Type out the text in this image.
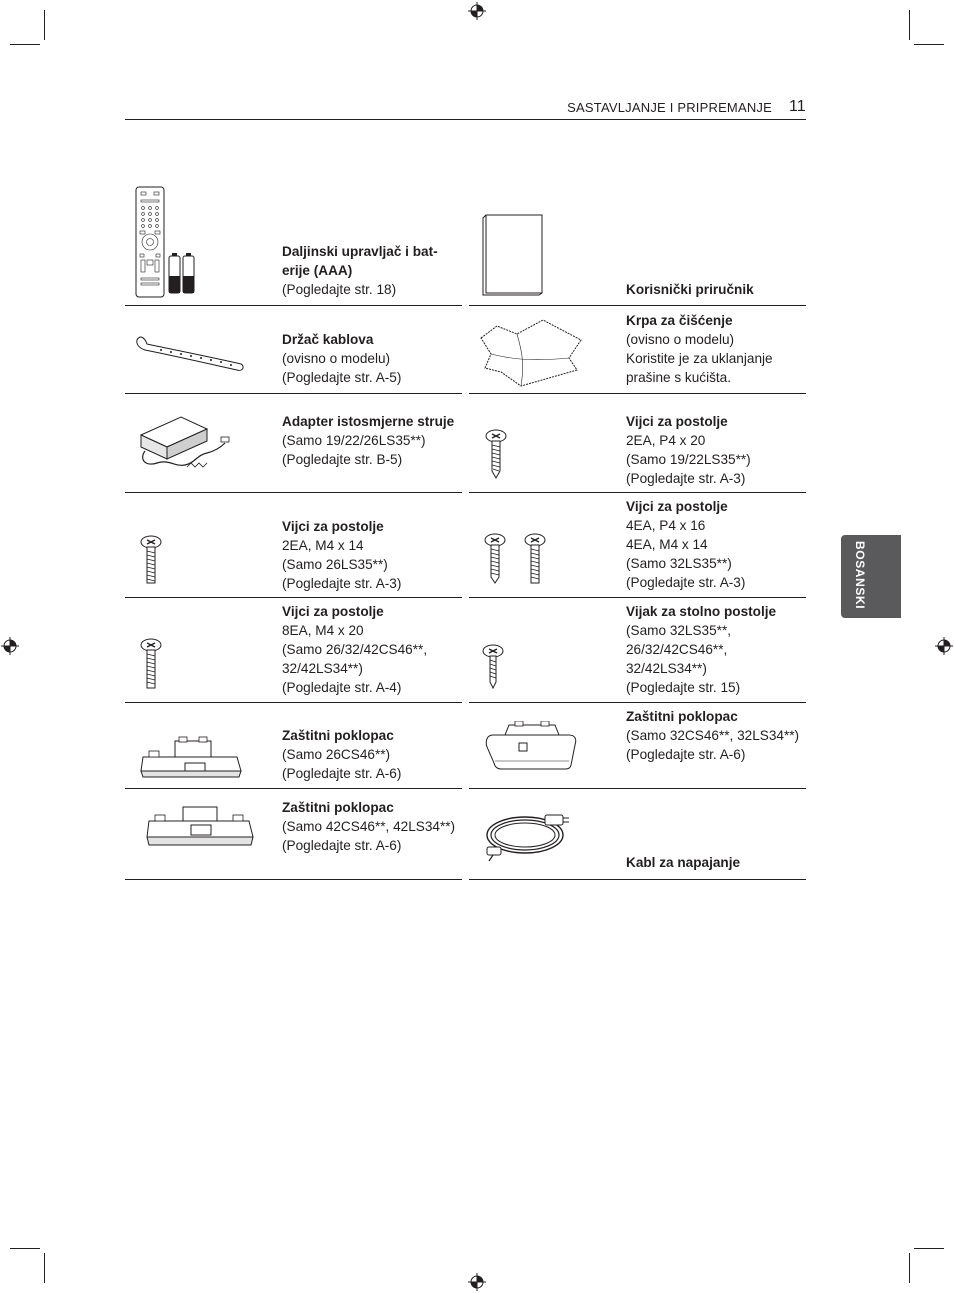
SASTAVLJANJE I PRIPREMANJE 11
BOSANSKI
Daljinski upravljač i bat-erije (AAA)
(Pogledajte str. 18)
Držač kablova
(ovisno o modelu)
(Pogledajte str. A-5)
Adapter istosmjerne struje
(Samo 19/22/26LS35**)
(Pogledajte str. B-5)
Vijci za postolje
2EA, M4 x 14
(Samo 26LS35**)
(Pogledajte str. A-3)
Vijci za postolje
8EA, M4 x 20
(Samo 26/32/42CS46**, 32/42LS34**)
(Pogledajte str. A-4)
Zaštitni poklopac
(Samo 26CS46**)
(Pogledajte str. A-6)
Zaštitni poklopac
(Samo 42CS46**, 42LS34**)
(Pogledajte str. A-6)
Korisnički priručnik
Krpa za čišćenje
(ovisno o modelu)
Koristite je za uklanjanje prašine s kućišta.
Vijci za postolje
2EA, P4 x 20
(Samo 19/22LS35**)
(Pogledajte str. A-3)
Vijci za postolje
4EA, P4 x 16
4EA, M4 x 14
(Samo 32LS35**)
(Pogledajte str. A-3)
Vijak za stolno postolje
(Samo 32LS35**, 26/32/42CS46**, 32/42LS34**)
(Pogledajte str. 15)
Zaštitni poklopac
(Samo 32CS46**, 32LS34**)
(Pogledajte str. A-6)
Kabl za napajanje
